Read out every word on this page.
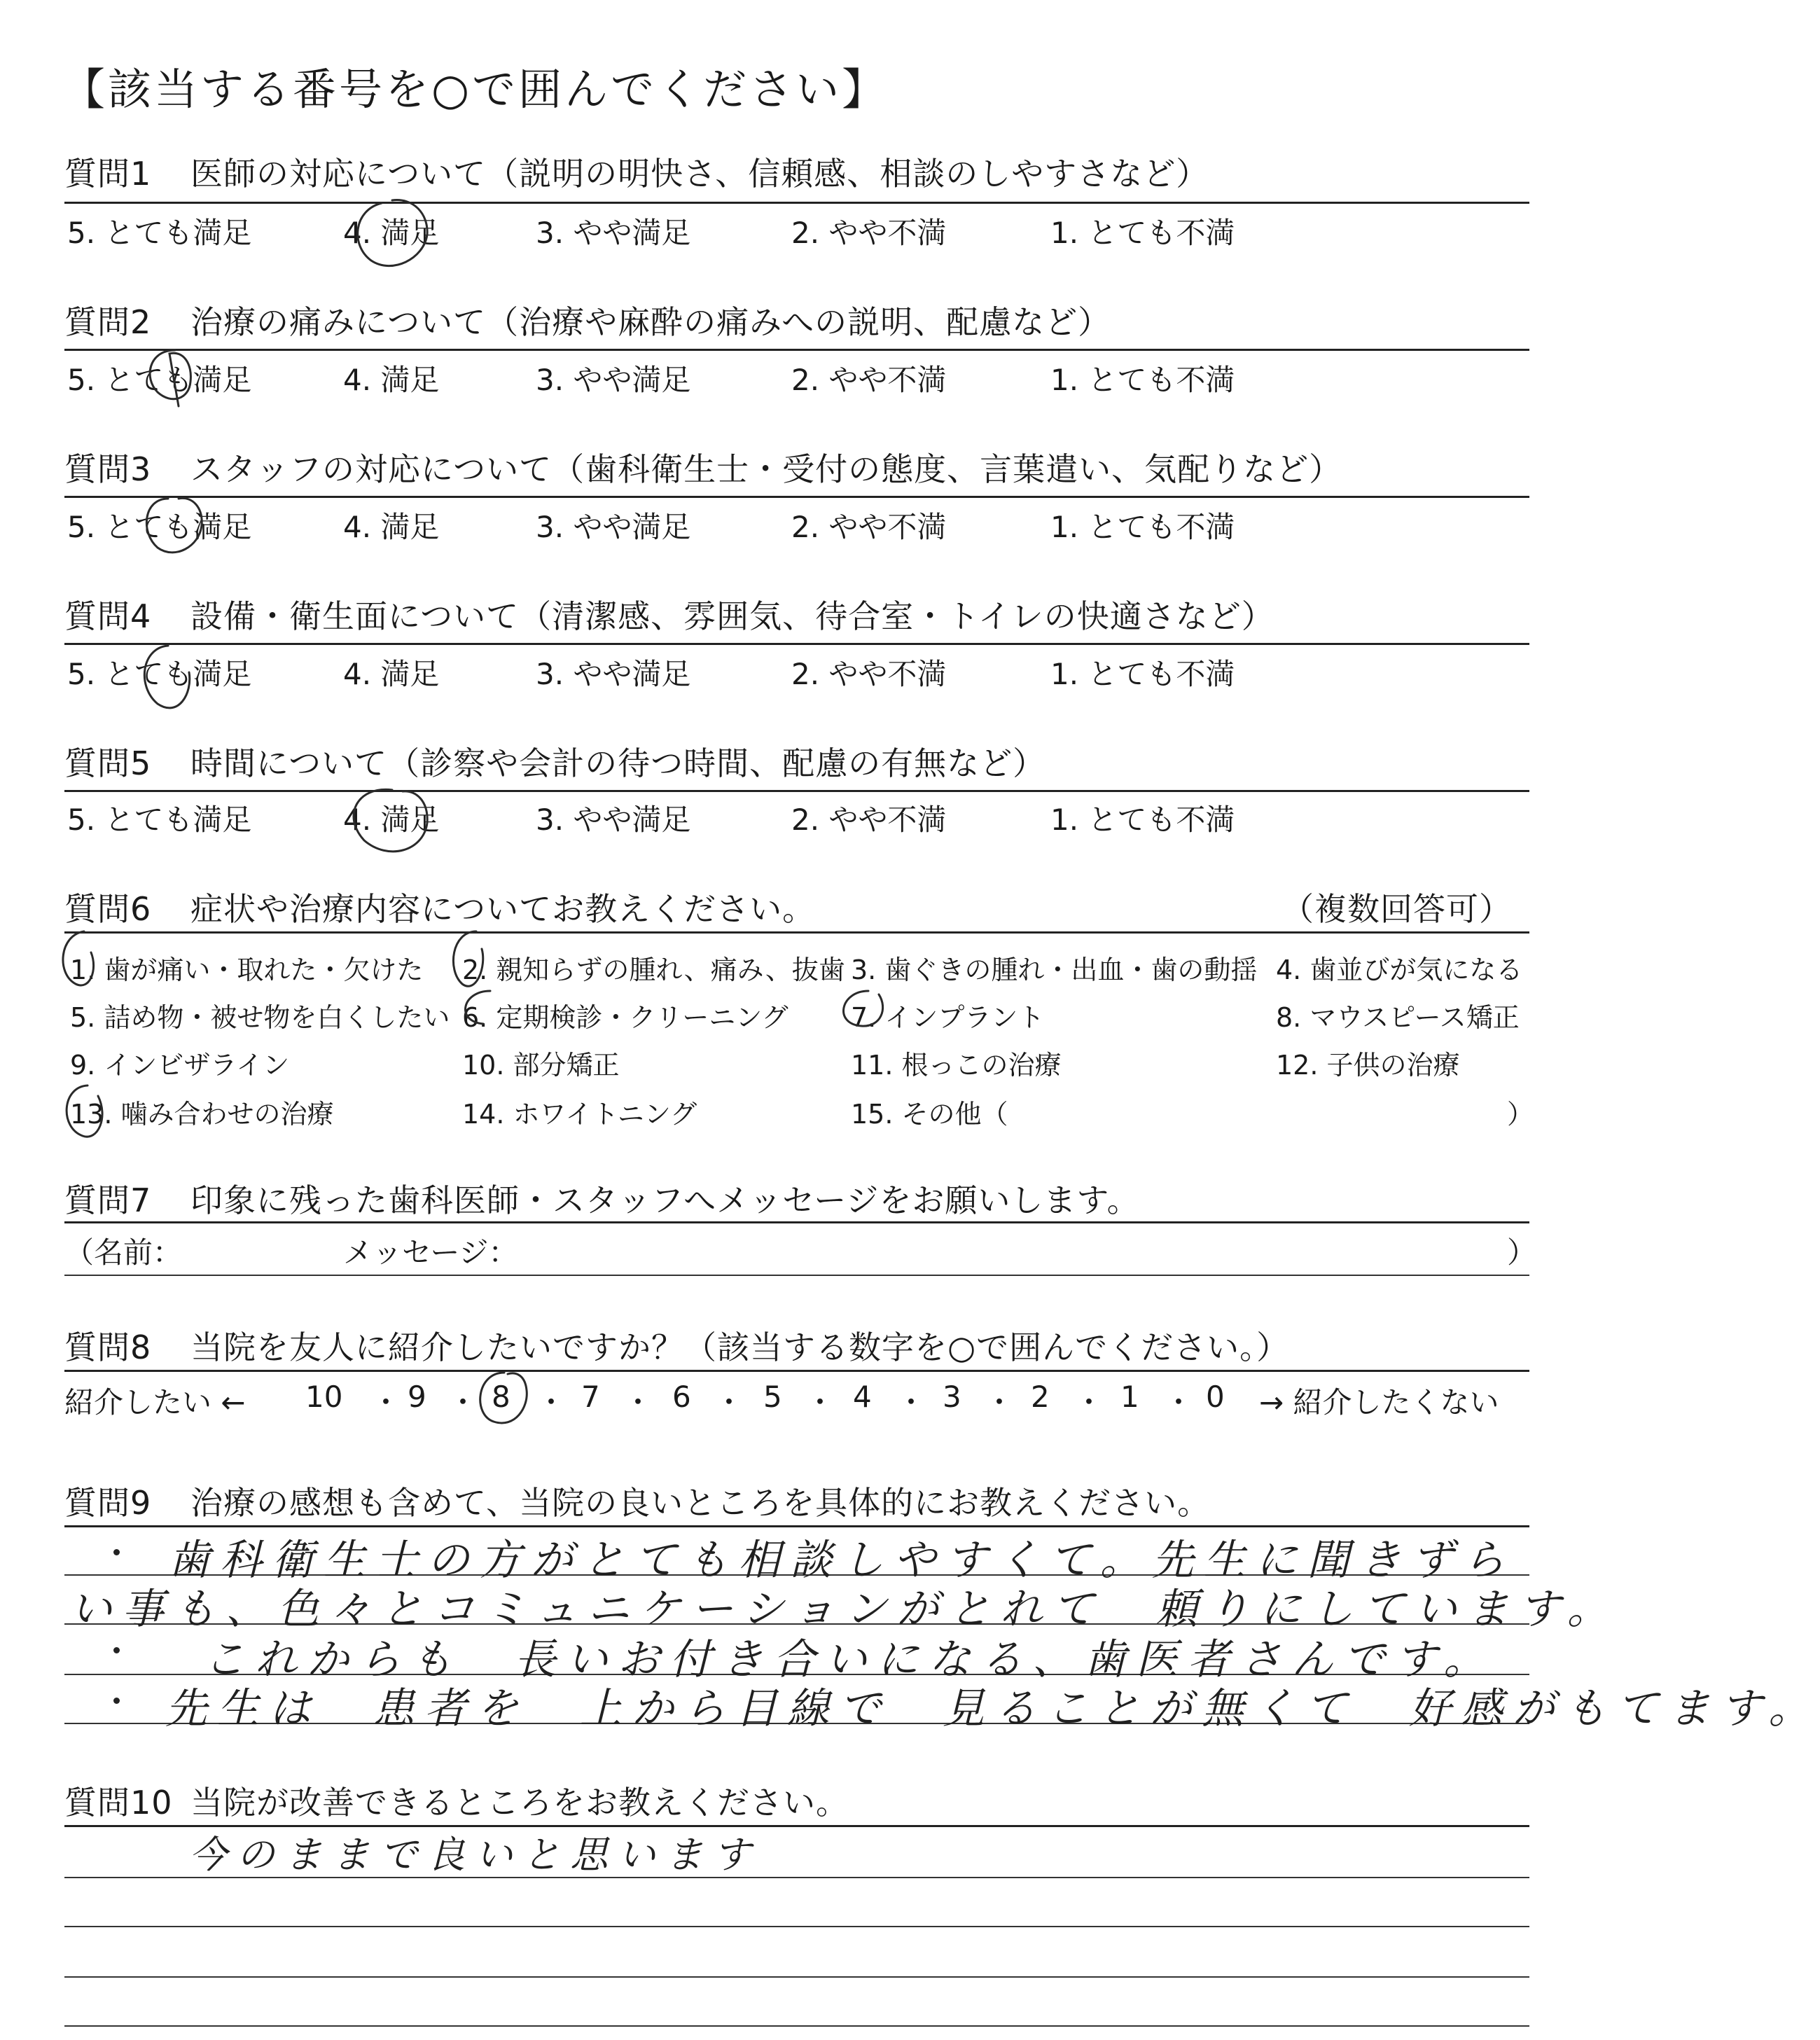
【該当する番号を○で囲んでください】
質問1 医師の対応について（説明の明快さ、信頼感、相談のしやすさなど）
5. とても満足	4. 満足	3. やや満足	2. やや不満	1. とても不満
質問2 治療の痛みについて（治療や麻酔の痛みへの説明、配慮など）
5. とても満足	4. 満足	3. やや満足	2. やや不満	1. とても不満
質問3 スタッフの対応について（歯科衛生士・受付の態度、言葉遣い、気配りなど）
5. とても満足	4. 満足	3. やや満足	2. やや不満	1. とても不満
質問4 設備・衛生面について（清潔感、雰囲気、待合室・トイレの快適さなど）
5. とても満足	4. 満足	3. やや満足	2. やや不満	1. とても不満
質問5 時間について（診察や会計の待つ時間、配慮の有無など）
5. とても満足	4. 満足	3. やや満足	2. やや不満	1. とても不満
質問6 症状や治療内容についてお教えください。	（複数回答可）
1. 歯が痛い・取れた・欠けた 2. 親知らずの腫れ、痛み、抜歯 3. 歯ぐきの腫れ・出血・歯の動揺 4. 歯並びが気になる
5. 詰め物・被せ物を白くしたい 6. 定期検診・クリーニング 7. インプラント	8. マウスピース矯正
9. インビザライン	10. 部分矯正	11. 根っこの治療	12. 子供の治療
13. 噛み合わせの治療	14. ホワイトニング	15. その他（	）
質問7 印象に残った歯科医師・スタッフへメッセージをお願いします。
（名前：	メッセージ：	）
質問8 当院を友人に紹介したいですか？（該当する数字を○で囲んでください。）
紹介したい ← 10 ・ 9 ・ 8 ・ 7 ・ 6 ・ 5 ・ 4 ・ 3 ・ 2 ・ 1 ・ 0 → 紹介したくない
質問9 治療の感想も含めて、当院の良いところを具体的にお教えください。
歯科衛生士の方がとても相談しやすくて。先生に聞きずら
い事も、色々とコミュニケーションがとれて　頼りにしています。
これからも　長いお付き合いになる、歯医者さんです。
先生は　患者を　上から目線で　見ることが無くて　好感がもてます。
質問10 当院が改善できるところをお教えください。
今のままで良いと思います
